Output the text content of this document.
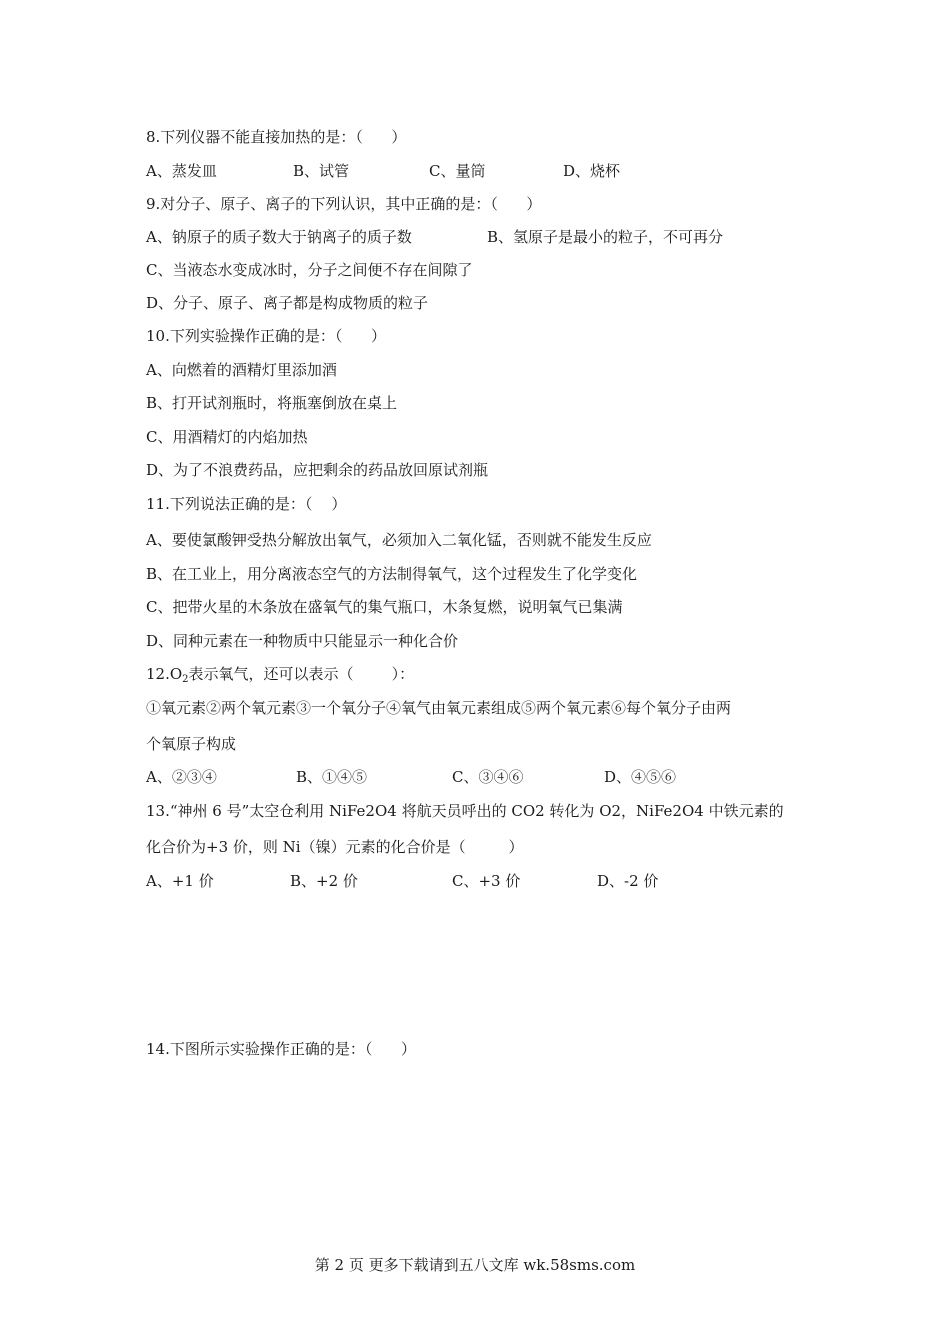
8.下列仪器不能直接加热的是：（      ）
A、蒸发皿	B、试管	C、量筒	D、烧杯
9.对分子、原子、离子的下列认识，其中正确的是：（      ）
A、钠原子的质子数大于钠离子的质子数	B、氢原子是最小的粒子，不可再分
C、当液态水变成冰时，分子之间便不存在间隙了
D、分子、原子、离子都是构成物质的粒子
10.下列实验操作正确的是：（      ）
A、向燃着的酒精灯里添加酒
B、打开试剂瓶时，将瓶塞倒放在桌上
C、用酒精灯的内焰加热
D、为了不浪费药品，应把剩余的药品放回原试剂瓶
11.下列说法正确的是：（    ）
A、要使氯酸钾受热分解放出氧气，必须加入二氧化锰，否则就不能发生反应
B、在工业上，用分离液态空气的方法制得氧气，这个过程发生了化学变化
C、把带火星的木条放在盛氧气的集气瓶口，木条复燃，说明氧气已集满
D、同种元素在一种物质中只能显示一种化合价
$12.O_2$表示氧气，还可以表示（        ）：
①氧元素②两个氧元素③一个氧分子④氧气由氧元素组成⑤两个氧元素⑥每个氧分子由两
个氧原子构成
A、②③④	B、①④⑤	C、③④⑥	D、④⑤⑥
13.“神州 6 号”太空仓利用 NiFe2O4 将航天员呼出的 CO2 转化为 O2，NiFe2O4 中铁元素的
化合价为+3 价，则 Ni（镍）元素的化合价是（         ）
A、+1 价	B、+2 价	C、+3 价	D、-2 价
14.下图所示实验操作正确的是：（      ）
第 2 页 更多下载请到五八文库 wk.58sms.com
